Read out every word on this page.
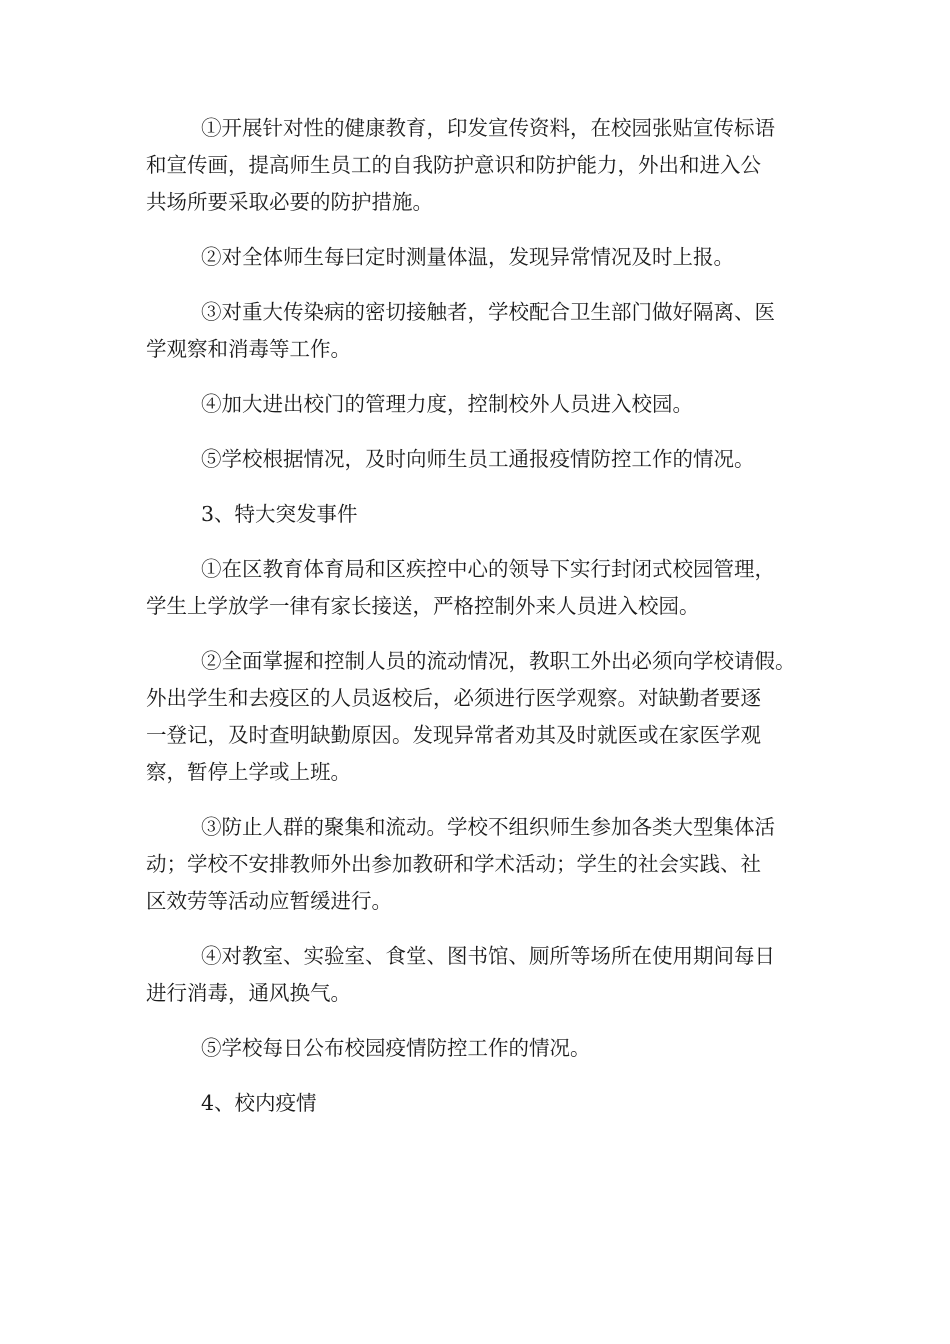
①开展针对性的健康教育，印发宣传资料，在校园张贴宣传标语
和宣传画，提高师生员工的自我防护意识和防护能力，外出和进入公
共场所要采取必要的防护措施。

②对全体师生每曰定时测量体温，发现异常情况及时上报。

③对重大传染病的密切接触者，学校配合卫生部门做好隔离、医
学观察和消毒等工作。

④加大进出校门的管理力度，控制校外人员进入校园。

⑤学校根据情况，及时向师生员工通报疫情防控工作的情况。

3、特大突发事件

①在区教育体育局和区疾控中心的领导下实行封闭式校园管理，
学生上学放学一律有家长接送，严格控制外来人员进入校园。

②全面掌握和控制人员的流动情况，教职工外出必须向学校请假。
外出学生和去疫区的人员返校后，必须进行医学观察。对缺勤者要逐
一登记，及时查明缺勤原因。发现异常者劝其及时就医或在家医学观
察，暂停上学或上班。

③防止人群的聚集和流动。学校不组织师生参加各类大型集体活
动；学校不安排教师外出参加教研和学术活动；学生的社会实践、社
区效劳等活动应暂缓进行。

④对教室、实验室、食堂、图书馆、厕所等场所在使用期间每日
进行消毒，通风换气。

⑤学校每日公布校园疫情防控工作的情况。

4、校内疫情
